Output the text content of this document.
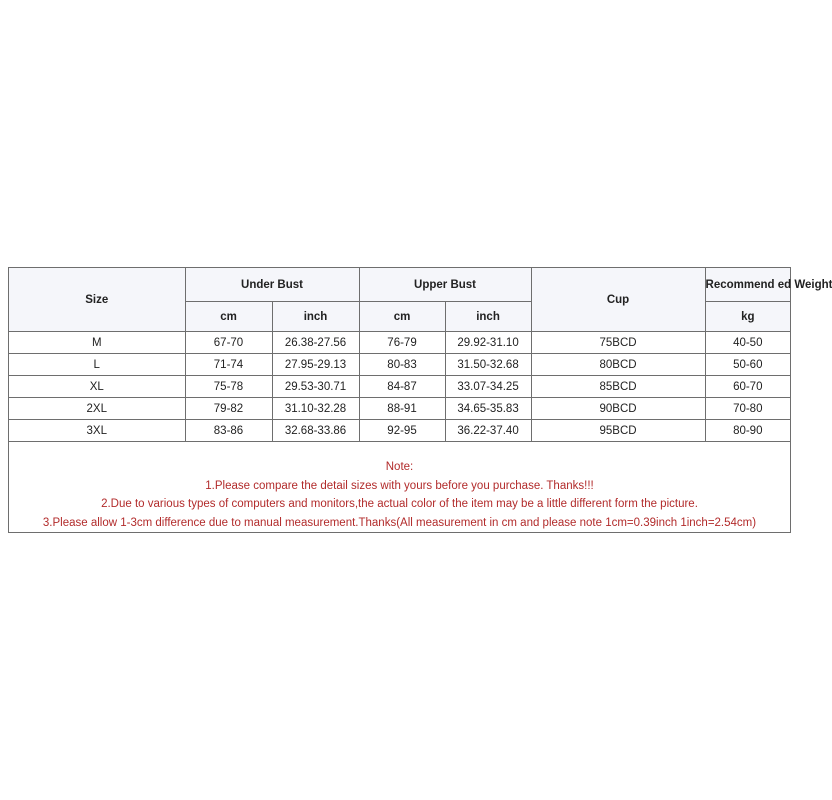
Size	Under Bust		Upper Bust		Cup	Recommend ed Weight
	cm	inch	cm	inch		kg
M	67-70	26.38-27.56	76-79	29.92-31.10	75BCD	40-50
L	71-74	27.95-29.13	80-83	31.50-32.68	80BCD	50-60
XL	75-78	29.53-30.71	84-87	33.07-34.25	85BCD	60-70
2XL	79-82	31.10-32.28	88-91	34.65-35.83	90BCD	70-80
3XL	83-86	32.68-33.86	92-95	36.22-37.40	95BCD	80-90
Note:
1.Please compare the detail sizes with yours before you purchase. Thanks!!!
2.Due to various types of computers and monitors,the actual color of the item may be a little different form the picture.
3.Please allow 1-3cm difference due to manual measurement.Thanks(All measurement in cm and please note 1cm=0.39inch 1inch=2.54cm)
